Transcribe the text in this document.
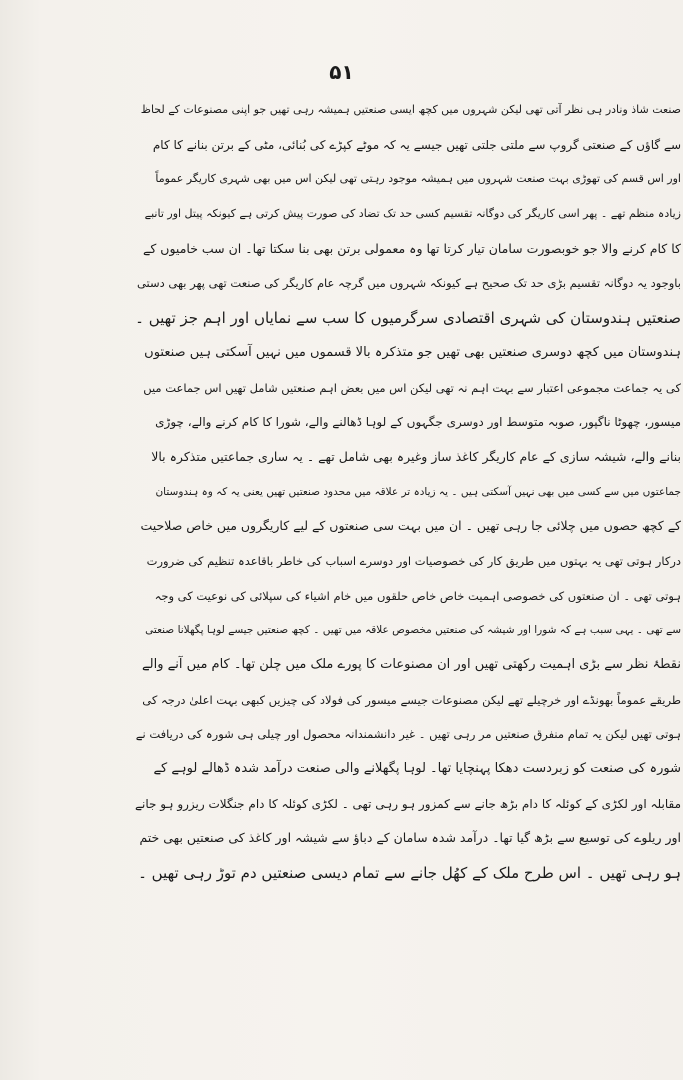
۵۱
صنعت شاذ ونادر ہی نظر آتی تھی لیکن شہروں میں کچھ ایسی صنعتیں ہمیشہ رہی تھیں جو اپنی مصنوعات کے لحاظ
سے گاؤں کے صنعتی گروپ سے ملتی جلتی تھیں جیسے یہ کہ موٹے کپڑے کی بُنائی، مٹی کے برتن بنانے کا کام
اور اس قسم کی تھوڑی بہت صنعت شہروں میں ہمیشہ موجود رہتی تھی لیکن اس میں بھی شہری کاریگر عموماً
زیادہ منظم تھے ۔ پھر اسی کاریگر کی دوگانہ تقسیم کسی حد تک تضاد کی صورت پیش کرتی ہے کیونکہ پیتل اور تانبے
کا کام کرنے والا جو خوبصورت سامان تیار کرتا تھا وہ معمولی برتن بھی بنا سکتا تھا۔ ان سب خامیوں کے
باوجود یہ دوگانہ تقسیم بڑی حد تک صحیح ہے کیونکہ شہروں میں گرچہ عام کاریگر کی صنعت تھی پھر بھی دستی
صنعتیں ہندوستان کی شہری اقتصادی سرگرمیوں کا سب سے نمایاں اور اہم جز تھیں ۔
ہندوستان میں کچھ دوسری صنعتیں بھی تھیں جو متذکرہ بالا قسموں میں نہیں آسکتی ہیں صنعتوں
کی یہ جماعت مجموعی اعتبار سے بہت اہم نہ تھی لیکن اس میں بعض اہم صنعتیں شامل تھیں اس جماعت میں
میسور، چھوٹا ناگپور، صوبہ متوسط اور دوسری جگہوں کے لوہا ڈھالنے والے، شورا کا کام کرنے والے، چوڑی
بنانے والے، شیشہ سازی کے عام کاریگر کاغذ ساز وغیرہ بھی شامل تھے ۔ یہ ساری جماعتیں متذکرہ بالا
جماعتوں میں سے کسی میں بھی نہیں آسکتی ہیں ۔ یہ زیادہ تر علاقہ میں محدود صنعتیں تھیں یعنی یہ کہ وہ ہندوستان
کے کچھ حصوں میں چلائی جا رہی تھیں ۔ ان میں بہت سی صنعتوں کے لیے کاریگروں میں خاص صلاحیت
درکار ہوتی تھی یہ بہتوں میں طریق کار کی خصوصیات اور دوسرے اسباب کی خاطر باقاعدہ تنظیم کی ضرورت
ہوتی تھی ۔ ان صنعتوں کی خصوصی اہمیت خاص خاص حلقوں میں خام اشیاء کی سپلائی کی نوعیت کی وجہ
سے تھی ۔ یہی سبب ہے کہ شورا اور شیشہ کی صنعتیں مخصوص علاقہ میں تھیں ۔ کچھ صنعتیں جیسے لوہا پگھلانا صنعتی
نقطۂ نظر سے بڑی اہمیت رکھتی تھیں اور ان مصنوعات کا پورے ملک میں چلن تھا۔ کام میں آنے والے
طریقے عموماً بھونڈے اور خرچیلے تھے لیکن مصنوعات جیسے میسور کی فولاد کی چیزیں کبھی بہت اعلیٰ درجہ کی
ہوتی تھیں لیکن یہ تمام منفرق صنعتیں مر رہی تھیں ۔ غیر دانشمندانہ محصول اور چیلی ہی شورہ کی دریافت نے
شورہ کی صنعت کو زبردست دھکا پہنچایا تھا۔ لوہا پگھلانے والی صنعت درآمد شدہ ڈھالے لوہے کے
مقابلہ اور لکڑی کے کوئلہ کا دام بڑھ جانے سے کمزور ہو رہی تھی ۔ لکڑی کوئلہ کا دام جنگلات ریزرو ہو جانے
اور ریلوے کی توسیع سے بڑھ گیا تھا۔ درآمد شدہ سامان کے دباؤ سے شیشہ اور کاغذ کی صنعتیں بھی ختم
ہو رہی تھیں ۔ اس طرح ملک کے کھُل جانے سے تمام دیسی صنعتیں دم توڑ رہی تھیں ۔
